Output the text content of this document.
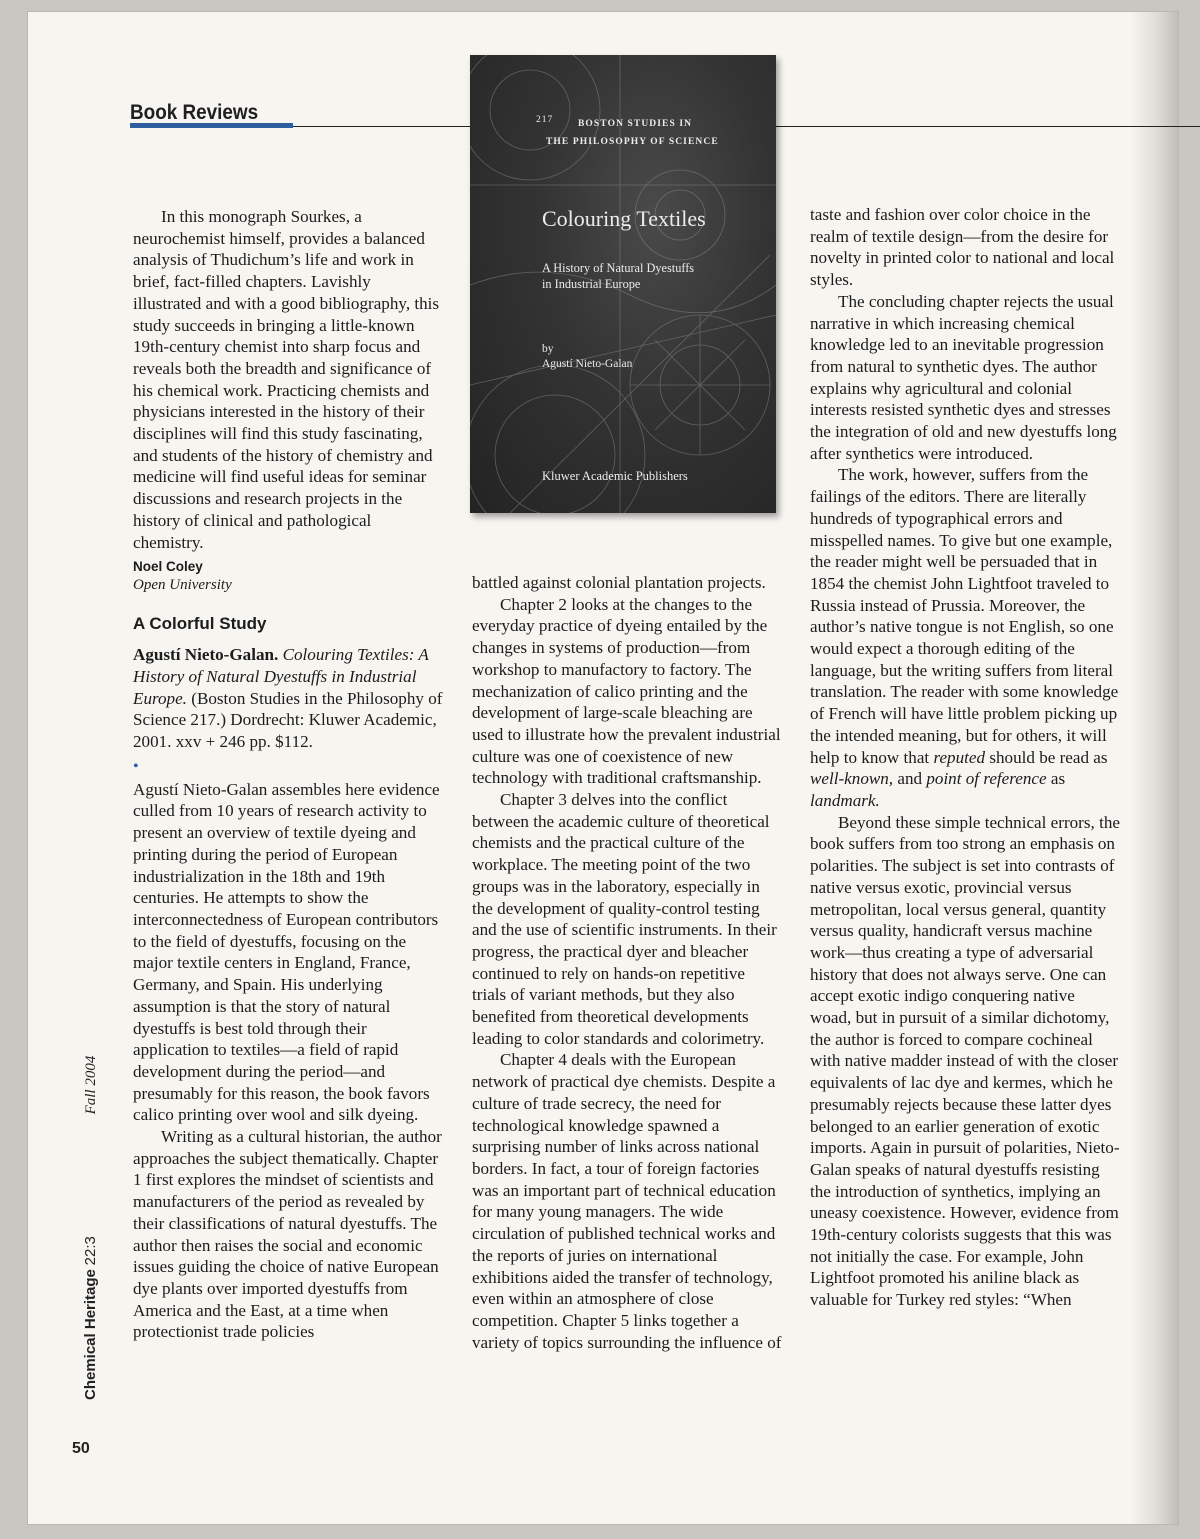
Book Reviews

In this monograph Sourkes, a neurochemist himself, provides a balanced analysis of Thudichum’s life and work in brief, fact-filled chapters. Lavishly illustrated and with a good bibliography, this study succeeds in bringing a little-known 19th-century chemist into sharp focus and reveals both the breadth and significance of his chemical work. Practicing chemists and physicians interested in the history of their disciplines will find this study fascinating, and students of the history of chemistry and medicine will find useful ideas for seminar discussions and research projects in the history of clinical and pathological chemistry.

Noel Coley
Open University
A Colorful Study

Agustí Nieto-Galan. Colouring Textiles: A History of Natural Dyestuffs in Industrial Europe. (Boston Studies in the Philosophy of Science 217.) Dordrecht: Kluwer Academic, 2001. xxv + 246 pp. $112.

•

Agustí Nieto-Galan assembles here evidence culled from 10 years of research activity to present an overview of textile dyeing and printing during the period of European industrialization in the 18th and 19th centuries. He attempts to show the interconnectedness of European contributors to the field of dyestuffs, focusing on the major textile centers in England, France, Germany, and Spain. His underlying assumption is that the story of natural dyestuffs is best told through their application to textiles—a field of rapid development during the period—and presumably for this reason, the book favors calico printing over wool and silk dyeing.

Writing as a cultural historian, the author approaches the subject thematically. Chapter 1 first explores the mindset of scientists and manufacturers of the period as revealed by their classifications of natural dyestuffs. The author then raises the social and economic issues guiding the choice of native European dye plants over imported dyestuffs from America and the East, at a time when protectionist trade policies

217	BOSTON STUDIES IN
THE PHILOSOPHY OF SCIENCE
Colouring Textiles
A History of Natural Dyestuffs
in Industrial Europe
by
Agustí Nieto-Galan
Kluwer Academic Publishers

battled against colonial plantation projects.

Chapter 2 looks at the changes to the everyday practice of dyeing entailed by the changes in systems of production—from workshop to manufactory to factory. The mechanization of calico printing and the development of large-scale bleaching are used to illustrate how the prevalent industrial culture was one of coexistence of new technology with traditional craftsmanship.

Chapter 3 delves into the conflict between the academic culture of theoretical chemists and the practical culture of the workplace. The meeting point of the two groups was in the laboratory, especially in the development of quality-control testing and the use of scientific instruments. In their progress, the practical dyer and bleacher continued to rely on hands-on repetitive trials of variant methods, but they also benefited from theoretical developments leading to color standards and colorimetry.

Chapter 4 deals with the European network of practical dye chemists. Despite a culture of trade secrecy, the need for technological knowledge spawned a surprising number of links across national borders. In fact, a tour of foreign factories was an important part of technical education for many young managers. The wide circulation of published technical works and the reports of juries on international exhibitions aided the transfer of technology, even within an atmosphere of close competition. Chapter 5 links together a variety of topics surrounding the influence of

taste and fashion over color choice in the realm of textile design—from the desire for novelty in printed color to national and local styles.

The concluding chapter rejects the usual narrative in which increasing chemical knowledge led to an inevitable progression from natural to synthetic dyes. The author explains why agricultural and colonial interests resisted synthetic dyes and stresses the integration of old and new dyestuffs long after synthetics were introduced.

The work, however, suffers from the failings of the editors. There are literally hundreds of typographical errors and misspelled names. To give but one example, the reader might well be persuaded that in 1854 the chemist John Lightfoot traveled to Russia instead of Prussia. Moreover, the author’s native tongue is not English, so one would expect a thorough editing of the language, but the writing suffers from literal translation. The reader with some knowledge of French will have little problem picking up the intended meaning, but for others, it will help to know that reputed should be read as well-known, and point of reference as landmark.

Beyond these simple technical errors, the book suffers from too strong an emphasis on polarities. The subject is set into contrasts of native versus exotic, provincial versus metropolitan, local versus general, quantity versus quality, handicraft versus machine work—thus creating a type of adversarial history that does not always serve. One can accept exotic indigo conquering native woad, but in pursuit of a similar dichotomy, the author is forced to compare cochineal with native madder instead of with the closer equivalents of lac dye and kermes, which he presumably rejects because these latter dyes belonged to an earlier generation of exotic imports. Again in pursuit of polarities, Nieto-Galan speaks of natural dyestuffs resisting the introduction of synthetics, implying an uneasy coexistence. However, evidence from 19th-century colorists suggests that this was not initially the case. For example, John Lightfoot promoted his aniline black as valuable for Turkey red styles: “When

Chemical Heritage 22:3 Fall 2004
50
